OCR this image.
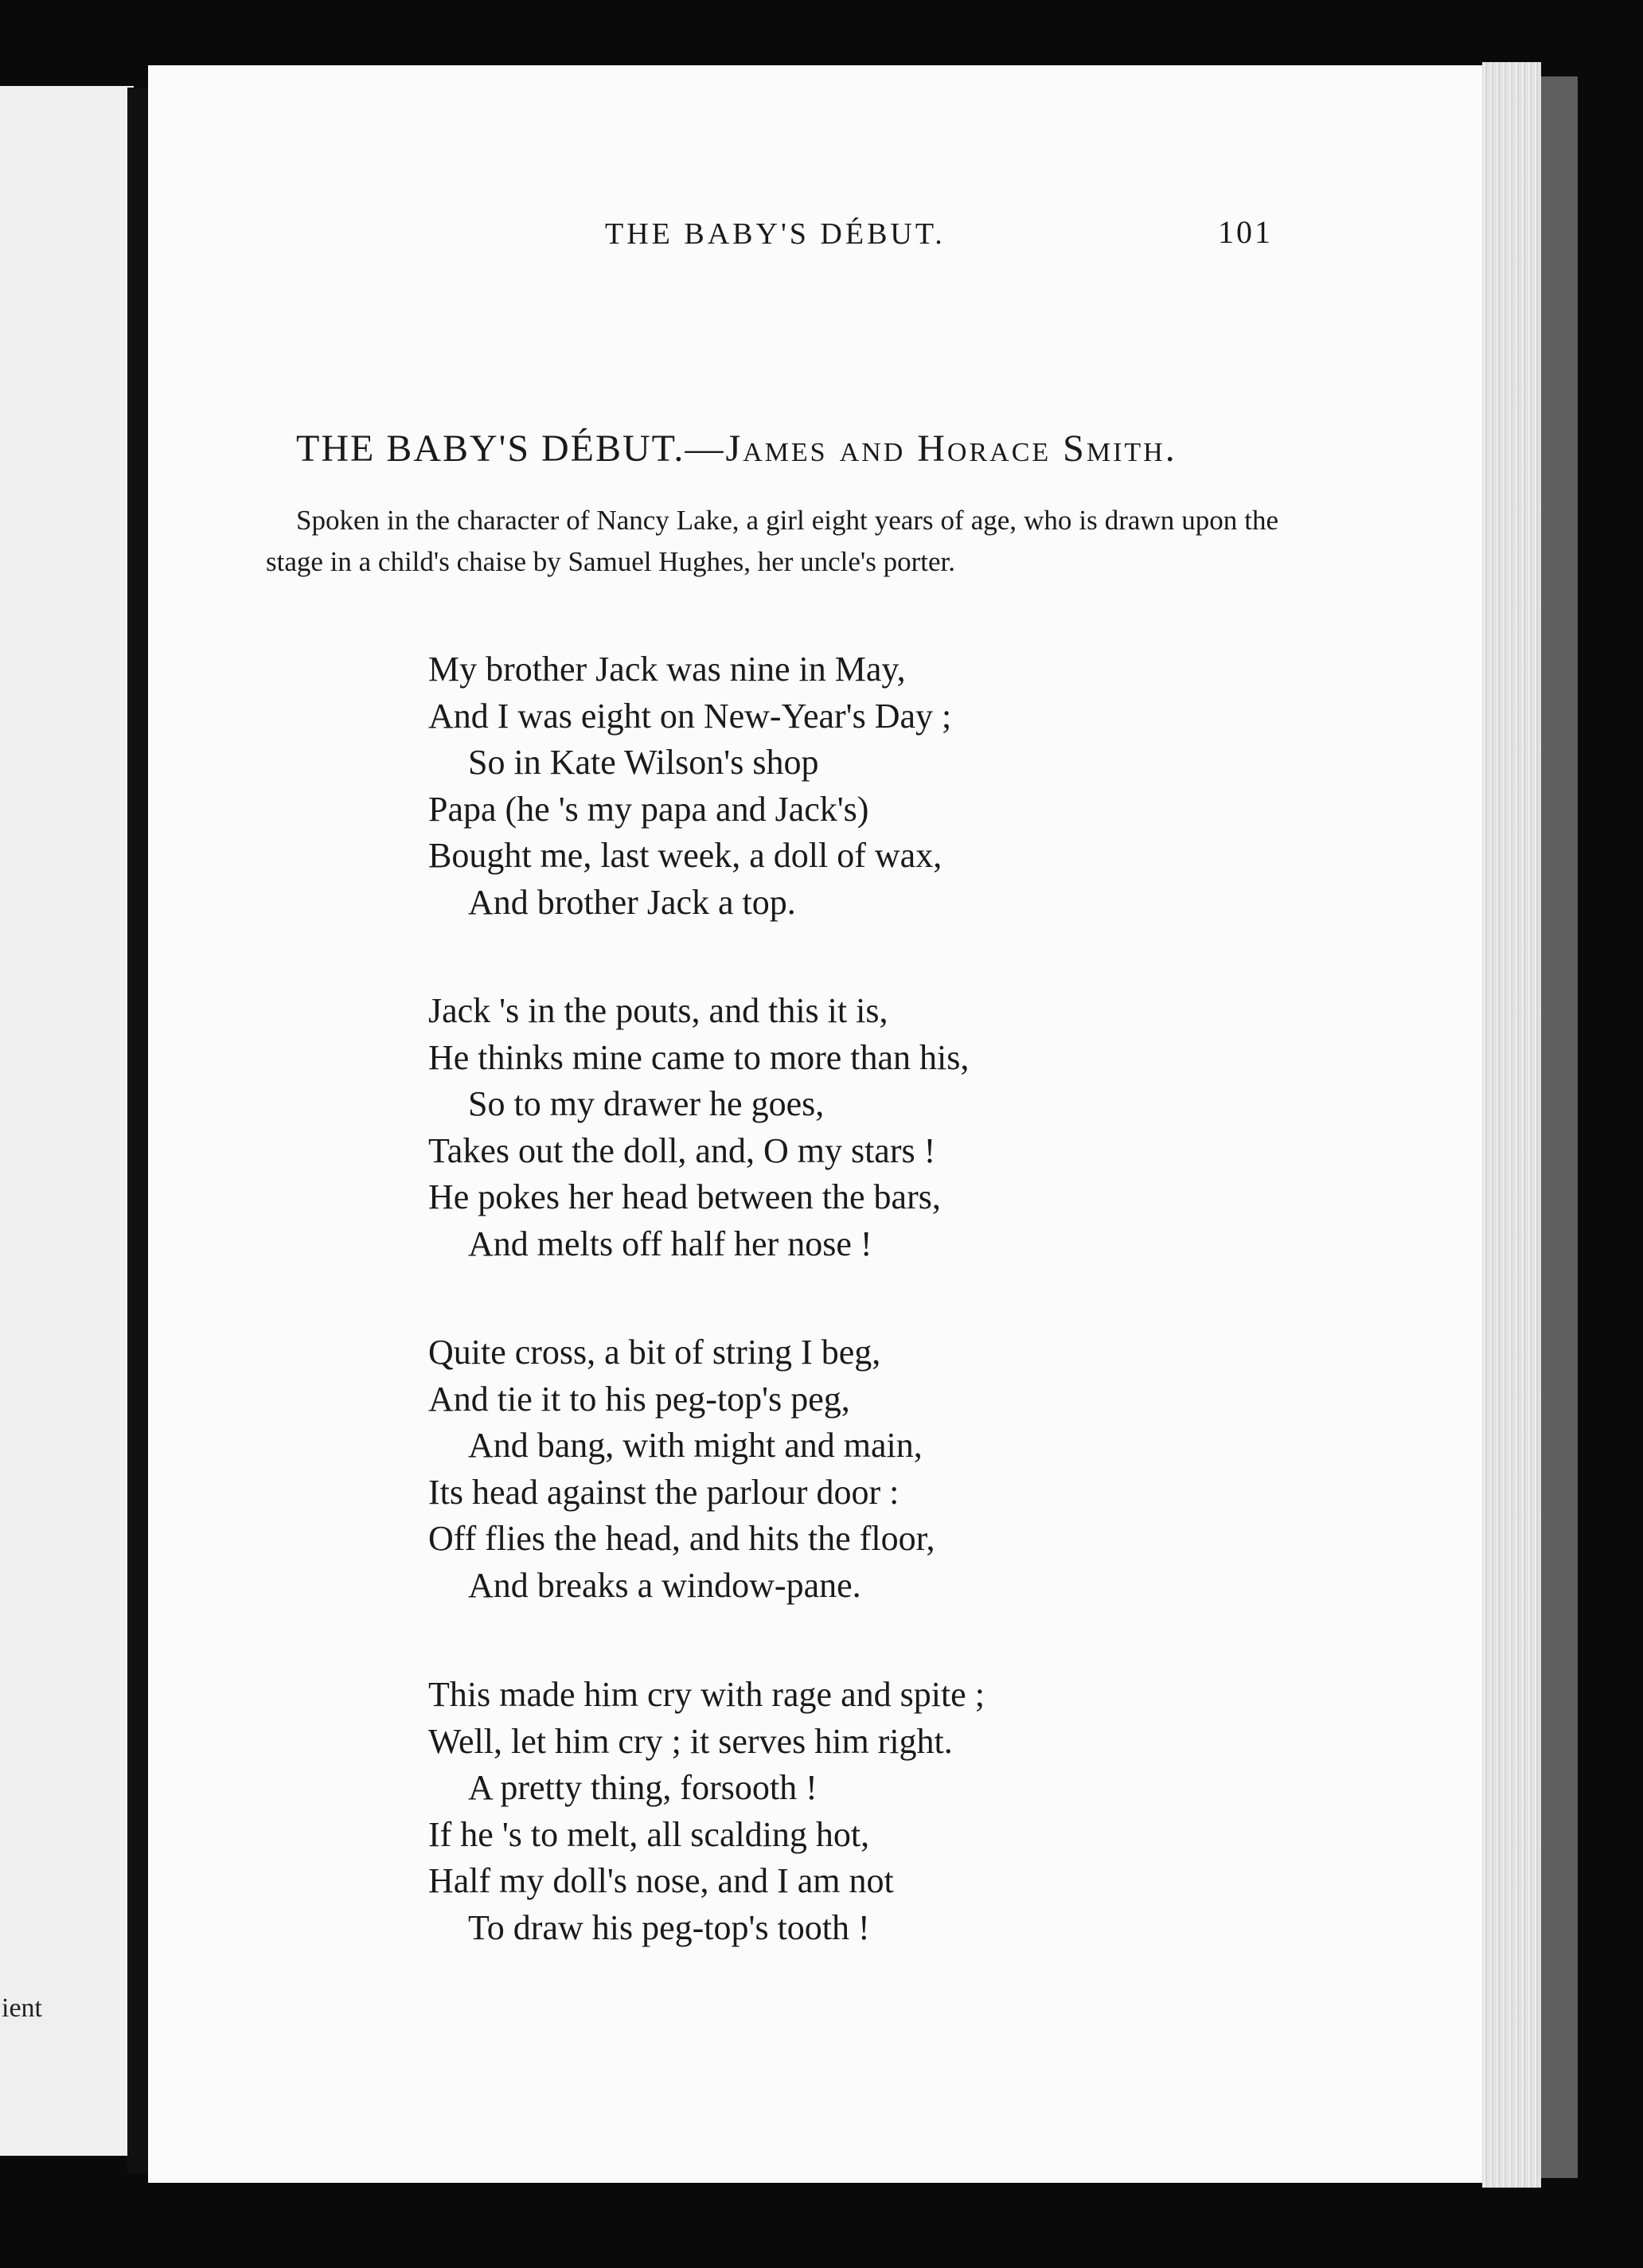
ient
THE BABY'S DÉBUT.	101
THE BABY'S DÉBUT.—James and Horace Smith.
Spoken in the character of Nancy Lake, a girl eight years of age, who is drawn upon the stage in a child's chaise by Samuel Hughes, her uncle's porter.
My brother Jack was nine in May,
And I was eight on New-Year's Day ;
So in Kate Wilson's shop
Papa (he 's my papa and Jack's)
Bought me, last week, a doll of wax,
And brother Jack a top.
Jack 's in the pouts, and this it is,
He thinks mine came to more than his,
So to my drawer he goes,
Takes out the doll, and, O my stars !
He pokes her head between the bars,
And melts off half her nose !
Quite cross, a bit of string I beg,
And tie it to his peg-top's peg,
And bang, with might and main,
Its head against the parlour door :
Off flies the head, and hits the floor,
And breaks a window-pane.
This made him cry with rage and spite ;
Well, let him cry ; it serves him right.
A pretty thing, forsooth !
If he 's to melt, all scalding hot,
Half my doll's nose, and I am not
To draw his peg-top's tooth !
